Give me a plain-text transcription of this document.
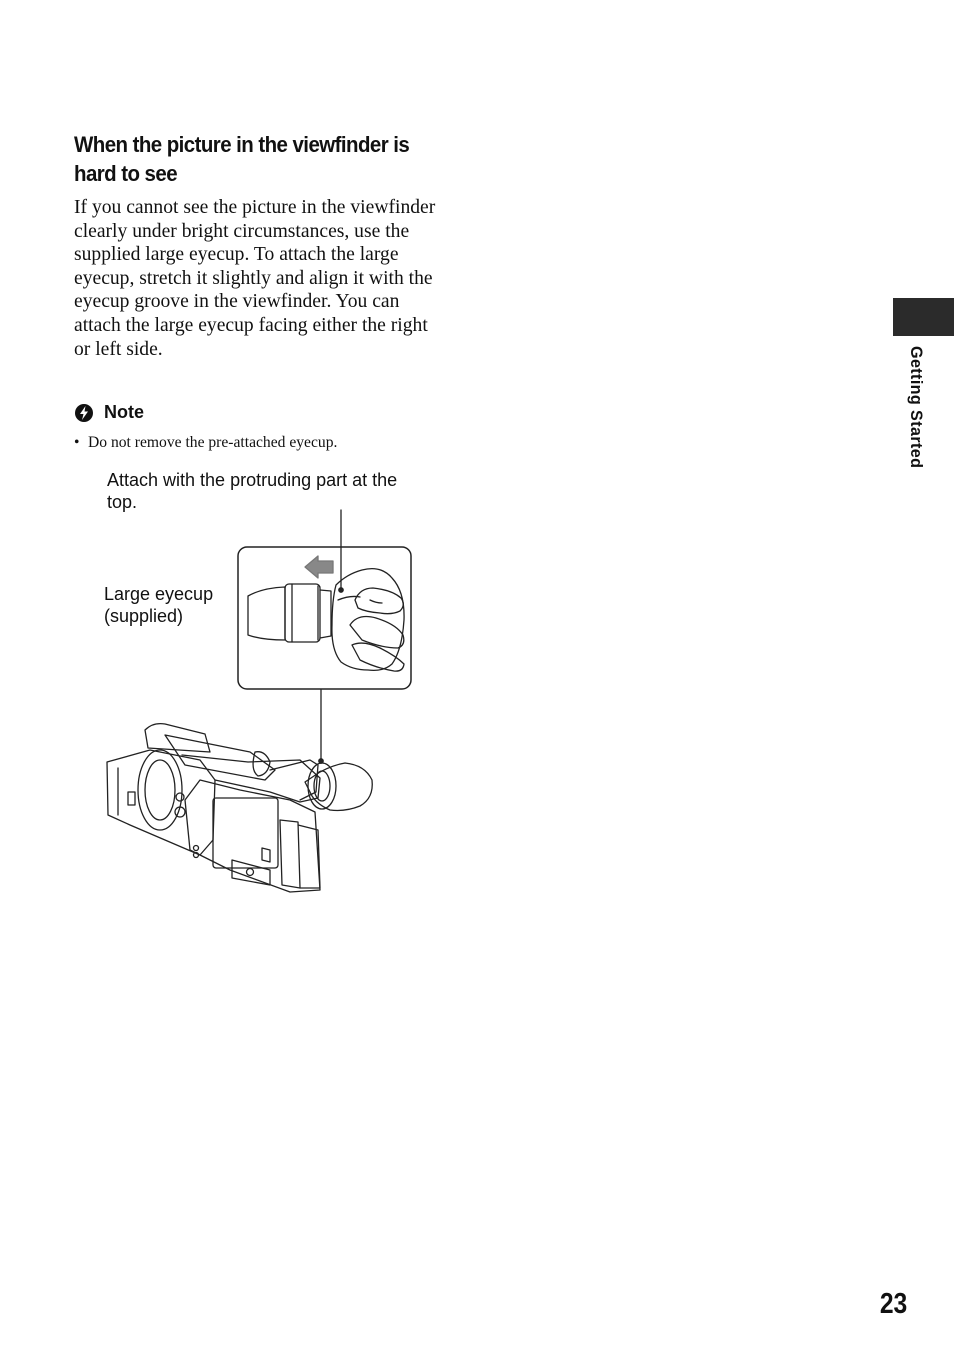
When the picture in the viewfinder is hard to see

If you cannot see the picture in the viewfinder clearly under bright circumstances, use the supplied large eyecup. To attach the large eyecup, stretch it slightly and align it with the eyecup groove in the viewfinder. You can attach the large eyecup facing either the right or left side.

Note
• Do not remove the pre-attached eyecup.

Attach with the protruding part at the top.

Large eyecup (supplied)

Getting Started
23
